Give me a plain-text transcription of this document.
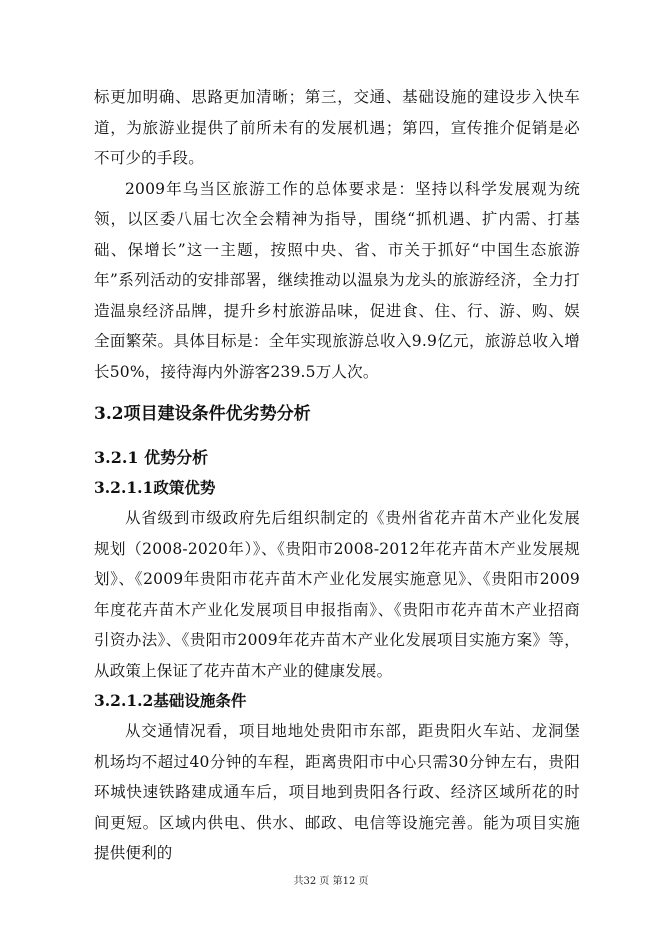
标更加明确、思路更加清晰；第三，交通、基础设施的建设步入快车道，为旅游业提供了前所未有的发展机遇；第四，宣传推介促销是必不可少的手段。

2009年乌当区旅游工作的总体要求是：坚持以科学发展观为统领，以区委八届七次全会精神为指导，围绕“抓机遇、扩内需、打基础、保增长”这一主题，按照中央、省、市关于抓好“中国生态旅游年”系列活动的安排部署，继续推动以温泉为龙头的旅游经济，全力打造温泉经济品牌，提升乡村旅游品味，促进食、住、行、游、购、娱全面繁荣。具体目标是：全年实现旅游总收入9.9亿元，旅游总收入增长50%，接待海内外游客239.5万人次。

3.2项目建设条件优劣势分析
3.2.1 优势分析
3.2.1.1政策优势

从省级到市级政府先后组织制定的《贵州省花卉苗木产业化发展规划（2008-2020年）》、《贵阳市2008-2012年花卉苗木产业发展规划》、《2009年贵阳市花卉苗木产业化发展实施意见》、《贵阳市2009年度花卉苗木产业化发展项目申报指南》、《贵阳市花卉苗木产业招商引资办法》、《贵阳市2009年花卉苗木产业化发展项目实施方案》等，从政策上保证了花卉苗木产业的健康发展。

3.2.1.2基础设施条件

从交通情况看，项目地地处贵阳市东部，距贵阳火车站、龙洞堡机场均不超过40分钟的车程，距离贵阳市中心只需30分钟左右，贵阳环城快速铁路建成通车后，项目地到贵阳各行政、经济区域所花的时间更短。区域内供电、供水、邮政、电信等设施完善。能为项目实施提供便利的

共32 页 第12 页
